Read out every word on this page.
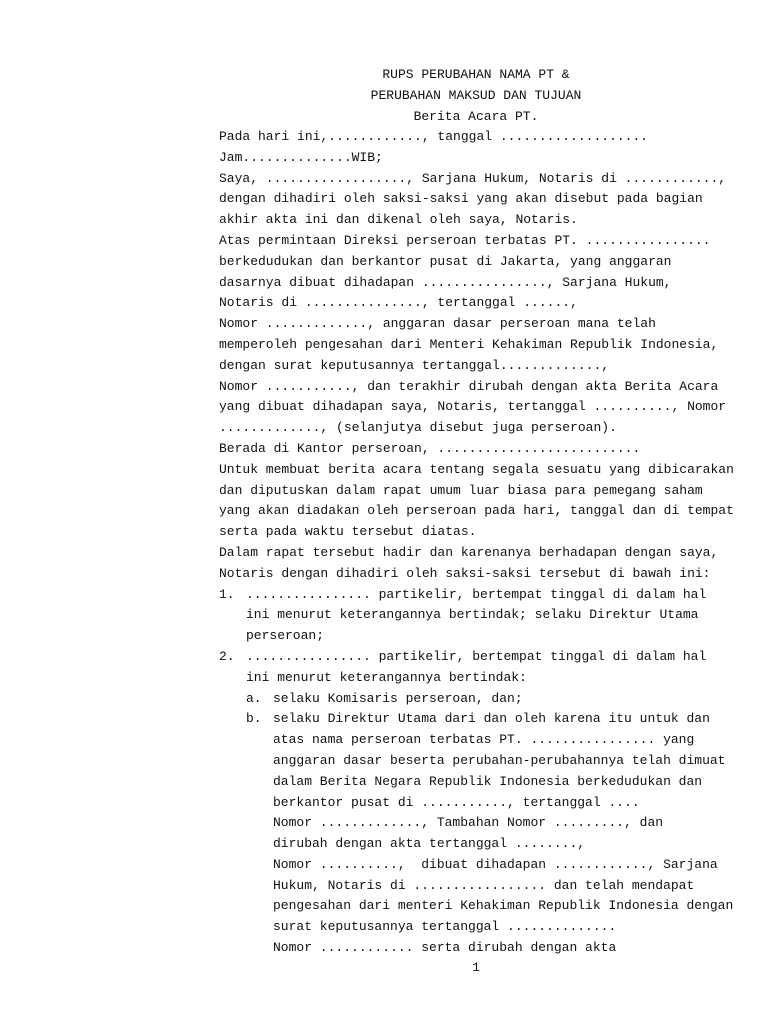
RUPS PERUBAHAN NAMA PT &
PERUBAHAN MAKSUD DAN TUJUAN
Berita Acara PT.
Pada hari ini,............, tanggal ...................
Jam..............WIB;
Saya, .................., Sarjana Hukum, Notaris di ............,
dengan dihadiri oleh saksi-saksi yang akan disebut pada bagian
akhir akta ini dan dikenal oleh saya, Notaris.
Atas permintaan Direksi perseroan terbatas PT. ................
berkedudukan dan berkantor pusat di Jakarta, yang anggaran
dasarnya dibuat dihadapan ................, Sarjana Hukum,
Notaris di ..............., tertanggal ......,
Nomor ............., anggaran dasar perseroan mana telah
memperoleh pengesahan dari Menteri Kehakiman Republik Indonesia,
dengan surat keputusannya tertanggal.............,
Nomor ..........., dan terakhir dirubah dengan akta Berita Acara
yang dibuat dihadapan saya, Notaris, tertanggal .........., Nomor
............., (selanjutya disebut juga perseroan).
Berada di Kantor perseroan, ..........................
Untuk membuat berita acara tentang segala sesuatu yang dibicarakan
dan diputuskan dalam rapat umum luar biasa para pemegang saham
yang akan diadakan oleh perseroan pada hari, tanggal dan di tempat
serta pada waktu tersebut diatas.
Dalam rapat tersebut hadir dan karenanya berhadapan dengan saya,
Notaris dengan dihadiri oleh saksi-saksi tersebut di bawah ini:
1. ................ partikelir, bertempat tinggal di dalam hal
ini menurut keterangannya bertindak; selaku Direktur Utama
perseroan;
2. ................ partikelir, bertempat tinggal di dalam hal
ini menurut keterangannya bertindak:
a. selaku Komisaris perseroan, dan;
b. selaku Direktur Utama dari dan oleh karena itu untuk dan
atas nama perseroan terbatas PT. ................ yang
anggaran dasar beserta perubahan-perubahannya telah dimuat
dalam Berita Negara Republik Indonesia berkedudukan dan
berkantor pusat di ..........., tertanggal ....
Nomor ............., Tambahan Nomor ........., dan
dirubah dengan akta tertanggal ........,
Nomor ..........,  dibuat dihadapan ............, Sarjana
Hukum, Notaris di ................. dan telah mendapat
pengesahan dari menteri Kehakiman Republik Indonesia dengan
surat keputusannya tertanggal ..............
Nomor ............ serta dirubah dengan akta
1
